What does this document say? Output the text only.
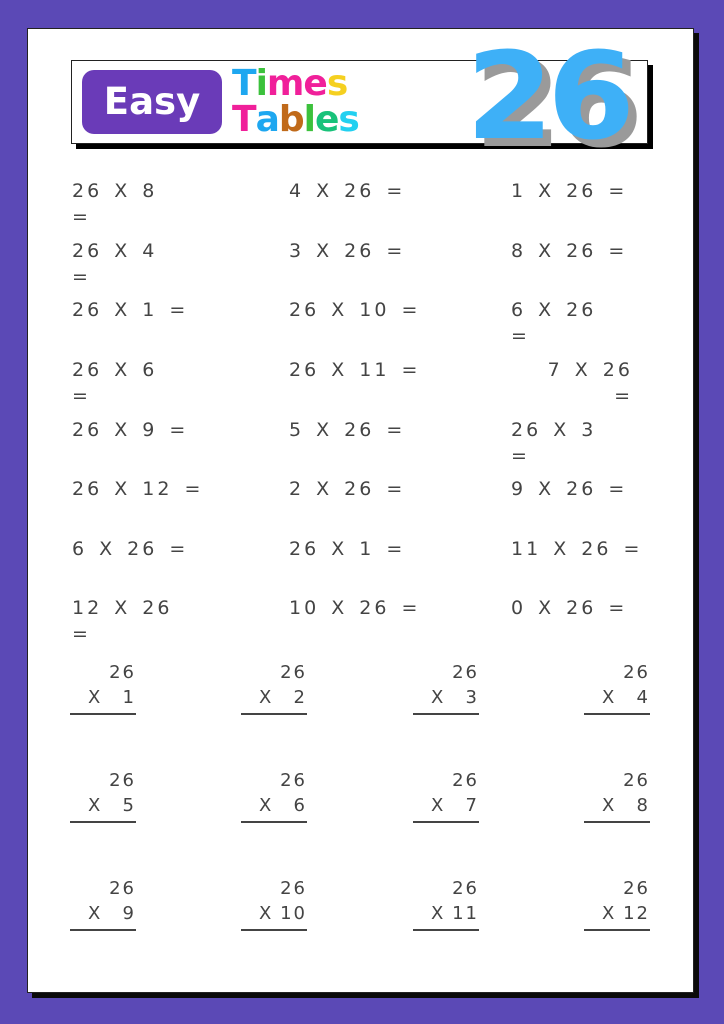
Easy Times
Tables 26
26 X 8 =
26 X 4 =
26 X 1 =
26 X 6 =
26 X 9 =
26 X 12 =
6 X 26 =
12 X 26 =
4 X 26 =
3 X 26 =
26 X 10 =
26 X 11 =
5 X 26 =
2 X 26 =
26 X 1 =
10 X 26 =
1 X 26 =
8 X 26 =
6 X 26 =
7 X 26 =
26 X 3 =
9 X 26 =
11 X 26 =
0 X 26 =
26
X 1
26
X 2
26
X 3
26
X 4
26
X 5
26
X 6
26
X 7
26
X 8
26
X 9
26
X 10
26
X 11
26
X 12
